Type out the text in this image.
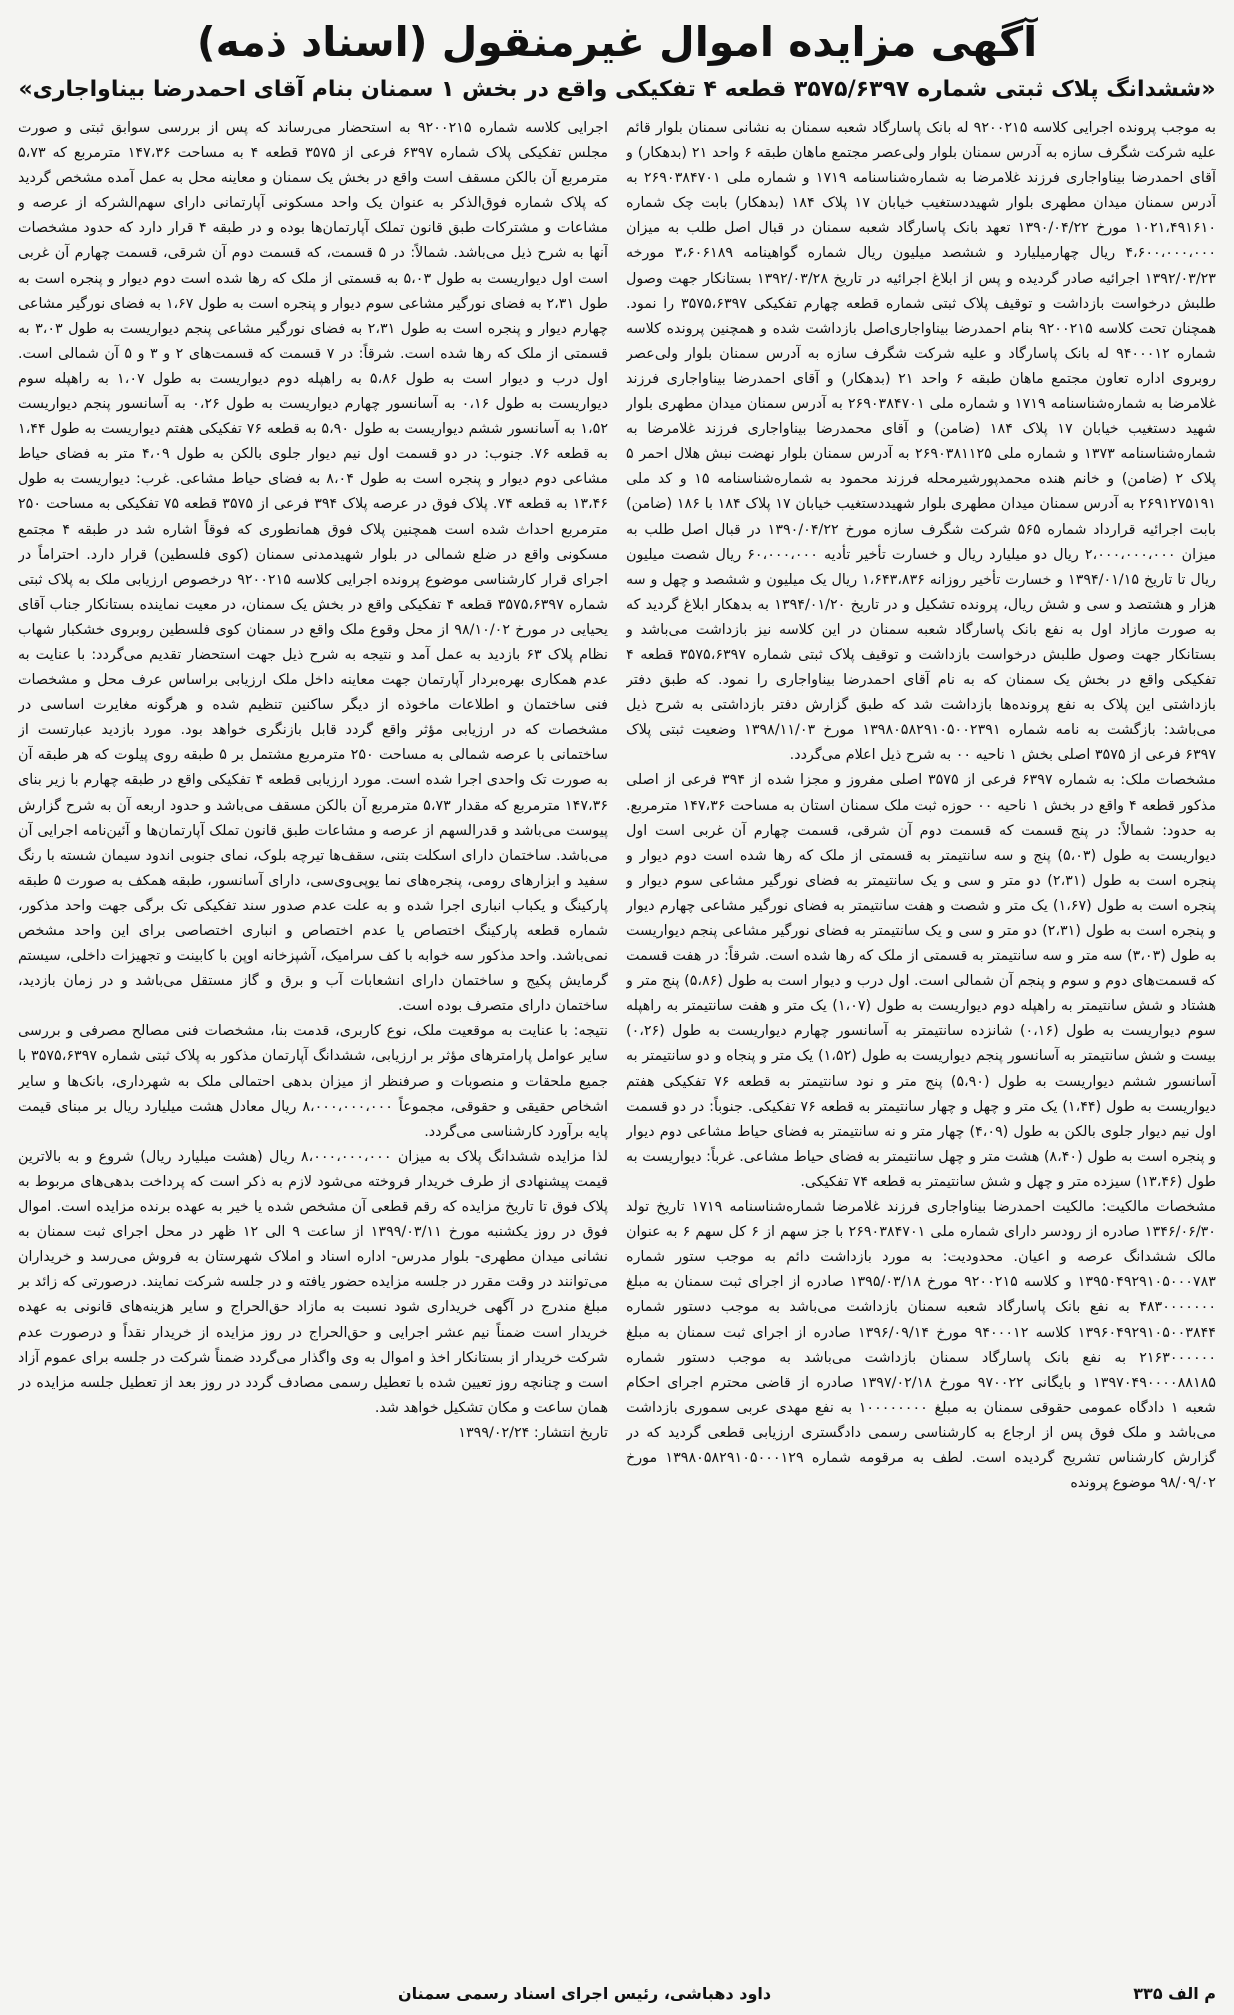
آگهی مزایده اموال غیرمنقول (اسناد ذمه)
«ششدانگ پلاک ثبتی شماره ۳۵۷۵/۶۳۹۷ قطعه ۴ تفکیکی واقع در بخش ۱ سمنان بنام آقای احمدرضا بیناواجاری»

به موجب پرونده اجرایی کلاسه ۹۲۰۰۲۱۵ له بانک پاسارگاد شعبه سمنان به نشانی سمنان بلوار قائم علیه شرکت شگرف سازه به آدرس سمنان بلوار ولی‌عصر مجتمع ماهان طبقه ۶ واحد ۲۱ (بدهکار) و آقای احمدرضا بیناواجاری فرزند غلامرضا به شماره‌شناسنامه ۱۷۱۹ و شماره ملی ۲۶۹۰۳۸۴۷۰۱ به آدرس سمنان میدان مطهری بلوار شهیددستغیب خیابان ۱۷ پلاک ۱۸۴ (بدهکار) بابت چک شماره ۱۰۲۱،۴۹۱۶۱۰ مورخ ۱۳۹۰/۰۴/۲۲ تعهد بانک پاسارگاد شعبه سمنان در قبال اصل طلب به میزان ۴،۶۰۰،۰۰۰،۰۰۰ ریال چهارمیلیارد و ششصد میلیون ریال شماره گواهینامه ۳،۶۰۶۱۸۹ مورخه ۱۳۹۲/۰۳/۲۳ اجرائیه صادر گردیده و پس از ابلاغ اجرائیه در تاریخ ۱۳۹۲/۰۳/۲۸ بستانکار جهت وصول طلبش درخواست بازداشت و توقیف پلاک ثبتی شماره قطعه چهارم تفکیکی ۳۵۷۵،۶۳۹۷ را نمود. همچنان تحت کلاسه ۹۲۰۰۲۱۵ بنام احمدرضا بیناواجاری‌اصل بازداشت شده و همچنین پرونده کلاسه شماره ۹۴۰۰۰۱۲ له بانک پاسارگاد و علیه شرکت شگرف سازه به آدرس سمنان بلوار ولی‌عصر روبروی اداره تعاون مجتمع ماهان طبقه ۶ واحد ۲۱ (بدهکار) و آقای احمدرضا بیناواجاری فرزند غلامرضا به شماره‌شناسنامه ۱۷۱۹ و شماره ملی ۲۶۹۰۳۸۴۷۰۱ به آدرس سمنان میدان مطهری بلوار شهید دستغیب خیابان ۱۷ پلاک ۱۸۴ (ضامن) و آقای محمدرضا بیناواجاری فرزند غلامرضا به شماره‌شناسنامه ۱۳۷۳ و شماره ملی ۲۶۹۰۳۸۱۱۲۵ به آدرس سمنان بلوار نهضت نبش هلال احمر ۵ پلاک ۲ (ضامن) و خانم هنده محمدپورشیرمحله فرزند محمود به شماره‌شناسنامه ۱۵ و کد ملی ۲۶۹۱۲۷۵۱۹۱ به آدرس سمنان میدان مطهری بلوار شهیددستغیب خیابان ۱۷ پلاک ۱۸۴ با ۱۸۶ (ضامن) بابت اجرائیه قرارداد شماره ۵۶۵ شرکت شگرف سازه مورخ ۱۳۹۰/۰۴/۲۲ در قبال اصل طلب به میزان ۲،۰۰۰،۰۰۰،۰۰۰ ریال دو میلیارد ریال و خسارت تأخیر تأدیه ۶۰،۰۰۰،۰۰۰ ریال شصت میلیون ریال تا تاریخ ۱۳۹۴/۰۱/۱۵ و خسارت تأخیر روزانه ۱،۶۴۳،۸۳۶ ریال یک میلیون و ششصد و چهل و سه هزار و هشتصد و سی و شش ریال، پرونده تشکیل و در تاریخ ۱۳۹۴/۰۱/۲۰ به بدهکار ابلاغ گردید که به صورت مازاد اول به نفع بانک پاسارگاد شعبه سمنان در این کلاسه نیز بازداشت می‌باشد و بستانکار جهت وصول طلبش درخواست بازداشت و توقیف پلاک ثبتی شماره ۳۵۷۵،۶۳۹۷ قطعه ۴ تفکیکی واقع در بخش یک سمنان که به نام آقای احمدرضا بیناواجاری را نمود. که طبق دفتر بازداشتی این پلاک به نفع پرونده‌ها بازداشت شد که طبق گزارش دفتر بازداشتی به شرح ذیل می‌باشد: بازگشت به نامه شماره ۱۳۹۸۰۵۸۲۹۱۰۵۰۰۲۳۹۱ مورخ ۱۳۹۸/۱۱/۰۳ وضعیت ثبتی پلاک ۶۳۹۷ فرعی از ۳۵۷۵ اصلی بخش ۱ ناحیه ۰۰ به شرح ذیل اعلام می‌گردد.

مشخصات ملک: به شماره ۶۳۹۷ فرعی از ۳۵۷۵ اصلی مفروز و مجزا شده از ۳۹۴ فرعی از اصلی مذکور قطعه ۴ واقع در بخش ۱ ناحیه ۰۰ حوزه ثبت ملک سمنان استان به مساحت ۱۴۷،۳۶ مترمربع. به حدود: شمالاً: در پنج قسمت که قسمت دوم آن شرقی، قسمت چهارم آن غربی است اول دیواریست به طول (۵،۰۳) پنج و سه سانتیمتر به قسمتی از ملک که رها شده است دوم دیوار و پنجره است به طول (۲،۳۱) دو متر و سی و یک سانتیمتر به فضای نورگیر مشاعی سوم دیوار و پنجره است به طول (۱،۶۷) یک متر و شصت و هفت سانتیمتر به فضای نورگیر مشاعی چهارم دیوار و پنجره است به طول (۲،۳۱) دو متر و سی و یک سانتیمتر به فضای نورگیر مشاعی پنجم دیواریست به طول (۳،۰۳) سه متر و سه سانتیمتر به قسمتی از ملک که رها شده است. شرقاً: در هفت قسمت که قسمت‌های دوم و سوم و پنجم آن شمالی است. اول درب و دیوار است به طول (۵،۸۶) پنج متر و هشتاد و شش سانتیمتر به راهپله دوم دیواریست به طول (۱،۰۷) یک متر و هفت سانتیمتر به راهپله سوم دیواریست به طول (۰،۱۶) شانزده سانتیمتر به آسانسور چهارم دیواریست به طول (۰،۲۶) بیست و شش سانتیمتر به آسانسور پنجم دیواریست به طول (۱،۵۲) یک متر و پنجاه و دو سانتیمتر به آسانسور ششم دیواریست به طول (۵،۹۰) پنج متر و نود سانتیمتر به قطعه ۷۶ تفکیکی هفتم دیواریست به طول (۱،۴۴) یک متر و چهل و چهار سانتیمتر به قطعه ۷۶ تفکیکی. جنوباً: در دو قسمت اول نیم دیوار جلوی بالکن به طول (۴،۰۹) چهار متر و نه سانتیمتر به فضای حیاط مشاعی دوم دیوار و پنجره است به طول (۸،۴۰) هشت متر و چهل سانتیمتر به فضای حیاط مشاعی. غرباً: دیواریست به طول (۱۳،۴۶) سیزده متر و چهل و شش سانتیمتر به قطعه ۷۴ تفکیکی.

مشخصات مالکیت: مالکیت احمدرضا بیناواجاری فرزند غلامرضا شماره‌شناسنامه ۱۷۱۹ تاریخ تولد ۱۳۴۶/۰۶/۳۰ صادره از رودسر دارای شماره ملی ۲۶۹۰۳۸۴۷۰۱ با جز سهم از ۶ کل سهم ۶ به عنوان مالک ششدانگ عرصه و اعیان. محدودیت: به مورد بازداشت دائم به موجب ستور شماره ۱۳۹۵۰۴۹۲۹۱۰۵۰۰۰۷۸۳ و کلاسه ۹۲۰۰۲۱۵ مورخ ۱۳۹۵/۰۳/۱۸ صادره از اجرای ثبت سمنان به مبلغ ۴۸۳۰۰۰۰۰۰۰ به نفع بانک پاسارگاد شعبه سمنان بازداشت می‌باشد به موجب دستور شماره ۱۳۹۶۰۴۹۲۹۱۰۵۰۰۳۸۴۴ کلاسه ۹۴۰۰۰۱۲ مورخ ۱۳۹۶/۰۹/۱۴ صادره از اجرای ثبت سمنان به مبلغ ۲۱۶۳۰۰۰۰۰۰ به نفع بانک پاسارگاد سمنان بازداشت می‌باشد به موجب دستور شماره ۱۳۹۷۰۴۹۰۰۰۰۸۸۱۸۵ و بایگانی ۹۷۰۰۲۲ مورخ ۱۳۹۷/۰۲/۱۸ صادره از قاضی محترم اجرای احکام شعبه ۱ دادگاه عمومی حقوقی سمنان به مبلغ ۱۰۰۰۰۰۰۰۰ به نفع مهدی عربی سموری بازداشت می‌باشد و ملک فوق پس از ارجاع به کارشناسی رسمی دادگستری ارزیابی قطعی گردید که در گزارش کارشناس تشریح گردیده است. لطف به مرقومه شماره ۱۳۹۸۰۵۸۲۹۱۰۵۰۰۰۱۲۹ مورخ ۹۸/۰۹/۰۲ موضوع پرونده

اجرایی کلاسه شماره ۹۲۰۰۲۱۵ به استحضار می‌رساند که پس از بررسی سوابق ثبتی و صورت مجلس تفکیکی پلاک شماره ۶۳۹۷ فرعی از ۳۵۷۵ قطعه ۴ به مساحت ۱۴۷،۳۶ مترمربع که ۵،۷۳ مترمربع آن بالکن مسقف است واقع در بخش یک سمنان و معاینه محل به عمل آمده مشخص گردید که پلاک شماره فوق‌الذکر به عنوان یک واحد مسکونی آپارتمانی دارای سهم‌الشرکه از عرصه و مشاعات و مشترکات طبق قانون تملک آپارتمان‌ها بوده و در طبقه ۴ قرار دارد که حدود مشخصات آنها به شرح ذیل می‌باشد. شمالاً: در ۵ قسمت، که قسمت دوم آن شرقی، قسمت چهارم آن غربی است اول دیواریست به طول ۵،۰۳ به قسمتی از ملک که رها شده است دوم دیوار و پنجره است به طول ۲،۳۱ به فضای نورگیر مشاعی سوم دیوار و پنجره است به طول ۱،۶۷ به فضای نورگیر مشاعی چهارم دیوار و پنجره است به طول ۲،۳۱ به فضای نورگیر مشاعی پنجم دیواریست به طول ۳،۰۳ به قسمتی از ملک که رها شده است. شرقاً: در ۷ قسمت که قسمت‌های ۲ و ۳ و ۵ آن شمالی است. اول درب و دیوار است به طول ۵،۸۶ به راهپله دوم دیواریست به طول ۱،۰۷ به راهپله سوم دیواریست به طول ۰،۱۶ به آسانسور چهارم دیواریست به طول ۰،۲۶ به آسانسور پنجم دیواریست ۱،۵۲ به آسانسور ششم دیواریست به طول ۵،۹۰ به قطعه ۷۶ تفکیکی هفتم دیواریست به طول ۱،۴۴ به قطعه ۷۶. جنوب: در دو قسمت اول نیم دیوار جلوی بالکن به طول ۴،۰۹ متر به فضای حیاط مشاعی دوم دیوار و پنجره است به طول ۸،۰۴ به فضای حیاط مشاعی. غرب: دیواریست به طول ۱۳،۴۶ به قطعه ۷۴. پلاک فوق در عرصه پلاک ۳۹۴ فرعی از ۳۵۷۵ قطعه ۷۵ تفکیکی به مساحت ۲۵۰ مترمربع احداث شده است همچنین پلاک فوق همانطوری که فوقاً اشاره شد در طبقه ۴ مجتمع مسکونی واقع در ضلع شمالی در بلوار شهیدمدنی سمنان (کوی فلسطین) قرار دارد. احتراماً در اجرای قرار کارشناسی موضوع پرونده اجرایی کلاسه ۹۲۰۰۲۱۵ درخصوص ارزیابی ملک به پلاک ثبتی شماره ۳۵۷۵،۶۳۹۷ قطعه ۴ تفکیکی واقع در بخش یک سمنان، در معیت نماینده بستانکار جناب آقای یحیایی در مورخ ۹۸/۱۰/۰۲ از محل وقوع ملک واقع در سمنان کوی فلسطین روبروی خشکبار شهاب نظام پلاک ۶۳ بازدید به عمل آمد و نتیجه به شرح ذیل جهت استحضار تقدیم می‌گردد: با عنایت به عدم همکاری بهره‌بردار آپارتمان جهت معاینه داخل ملک ارزیابی براساس عرف محل و مشخصات فنی ساختمان و اطلاعات ماخوذه از دیگر ساکنین تنظیم شده و هرگونه مغایرت اساسی در مشخصات که در ارزیابی مؤثر واقع گردد قابل بازنگری خواهد بود. مورد بازدید عبارتست از ساختمانی با عرصه شمالی به مساحت ۲۵۰ مترمربع مشتمل بر ۵ طبقه روی پیلوت که هر طبقه آن به صورت تک واحدی اجرا شده است. مورد ارزیابی قطعه ۴ تفکیکی واقع در طبقه چهارم با زیر بنای ۱۴۷،۳۶ مترمربع که مقدار ۵،۷۳ مترمربع آن بالکن مسقف می‌باشد و حدود اربعه آن به شرح گزارش پیوست می‌باشد و قدرالسهم از عرصه و مشاعات طبق قانون تملک آپارتمان‌ها و آئین‌نامه اجرایی آن می‌باشد. ساختمان دارای اسکلت بتنی، سقف‌ها تیرچه بلوک، نمای جنوبی اندود سیمان شسته با رنگ سفید و ابزارهای رومی، پنجره‌های نما یوپی‌وی‌سی، دارای آسانسور، طبقه همکف به صورت ۵ طبقه پارکینگ و یکباب انباری اجرا شده و به علت عدم صدور سند تفکیکی تک برگی جهت واحد مذکور، شماره قطعه پارکینگ اختصاص یا عدم اختصاص و انباری اختصاصی برای این واحد مشخص نمی‌باشد. واحد مذکور سه خوابه با کف سرامیک، آشپزخانه اوپن با کابینت و تجهیزات داخلی، سیستم گرمایش پکیج و ساختمان دارای انشعابات آب و برق و گاز مستقل می‌باشد و در زمان بازدید، ساختمان دارای متصرف بوده است.

نتیجه: با عنایت به موقعیت ملک، نوع کاربری، قدمت بنا، مشخصات فنی مصالح مصرفی و بررسی سایر عوامل پارامترهای مؤثر بر ارزیابی، ششدانگ آپارتمان مذکور به پلاک ثبتی شماره ۳۵۷۵،۶۳۹۷ با جمیع ملحقات و منصوبات و صرفنظر از میزان بدهی احتمالی ملک به شهرداری، بانک‌ها و سایر اشخاص حقیقی و حقوقی، مجموعاً ۸،۰۰۰،۰۰۰،۰۰۰ ریال معادل هشت میلیارد ریال بر مبنای قیمت پایه برآورد کارشناسی می‌گردد.

لذا مزایده ششدانگ پلاک به میزان ۸،۰۰۰،۰۰۰،۰۰۰ ریال (هشت میلیارد ریال) شروع و به بالاترین قیمت پیشنهادی از طرف خریدار فروخته می‌شود لازم به ذکر است که پرداخت بدهی‌های مربوط به پلاک فوق تا تاریخ مزایده که رقم قطعی آن مشخص شده یا خیر به عهده برنده مزایده است. اموال فوق در روز یکشنبه مورخ ۱۳۹۹/۰۳/۱۱ از ساعت ۹ الی ۱۲ ظهر در محل اجرای ثبت سمنان به نشانی میدان مطهری- بلوار مدرس- اداره اسناد و املاک شهرستان به فروش می‌رسد و خریداران می‌توانند در وقت مقرر در جلسه مزایده حضور یافته و در جلسه شرکت نمایند. درصورتی که زائد بر مبلغ مندرج در آگهی خریداری شود نسبت به مازاد حق‌الحراج و سایر هزینه‌های قانونی به عهده خریدار است ضمناً نیم عشر اجرایی و حق‌الحراج در روز مزایده از خریدار نقداً و درصورت عدم شرکت خریدار از بستانکار اخذ و اموال به وی واگذار می‌گردد ضمناً شرکت در جلسه برای عموم آزاد است و چنانچه روز تعیین شده با تعطیل رسمی مصادف گردد در روز بعد از تعطیل جلسه مزایده در همان ساعت و مکان تشکیل خواهد شد.

تاریخ انتشار: ۱۳۹۹/۰۲/۲۴

م الف ۳۳۵
داود دهباشی، رئیس اجرای اسناد رسمی سمنان
